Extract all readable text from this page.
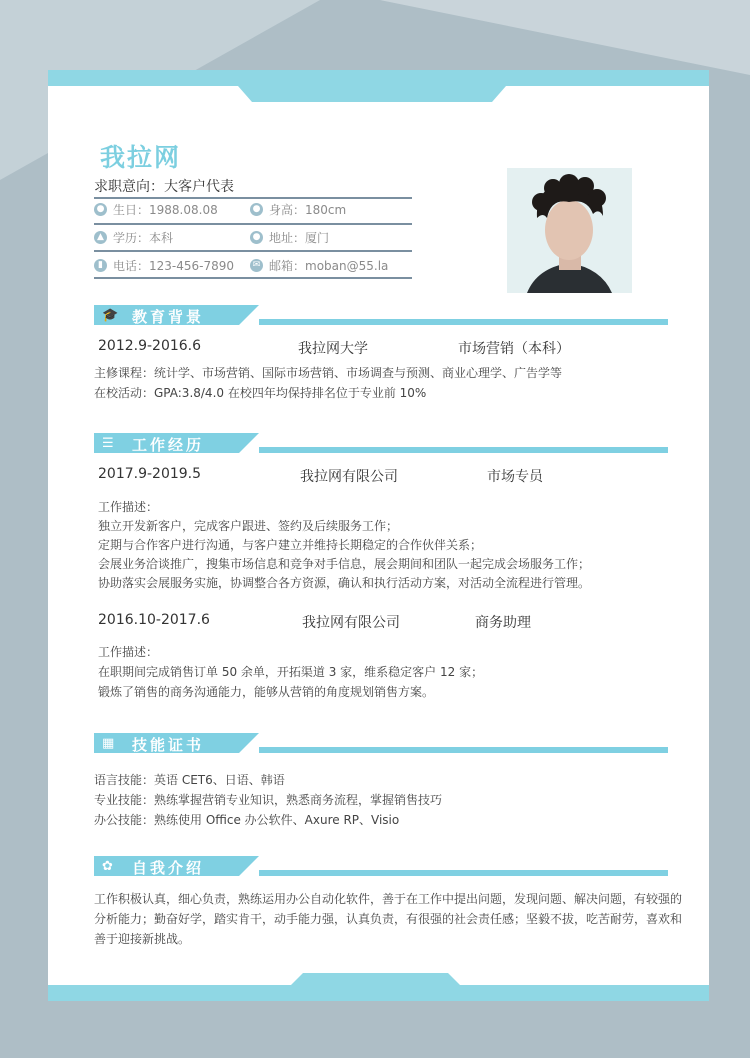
我拉网
求职意向：大客户代表
● 生日：1988.08.08	● 身高：180cm
▲ 学历：本科	● 地址：厦门
▮ 电话：123-456-7890	✉ 邮箱：moban@55.la
🎓 教育背景
2012.9-2016.6	我拉网大学	市场营销（本科）
主修课程：统计学、市场营销、国际市场营销、市场调查与预测、商业心理学、广告学等
在校活动：GPA:3.8/4.0 在校四年均保持排名位于专业前 10%
☰ 工作经历
2017.9-2019.5	我拉网有限公司	市场专员
工作描述：
独立开发新客户，完成客户跟进、签约及后续服务工作；
定期与合作客户进行沟通，与客户建立并维持长期稳定的合作伙伴关系；
会展业务洽谈推广，搜集市场信息和竞争对手信息，展会期间和团队一起完成会场服务工作；
协助落实会展服务实施，协调整合各方资源，确认和执行活动方案，对活动全流程进行管理。
2016.10-2017.6	我拉网有限公司	商务助理
工作描述：
在职期间完成销售订单 50 余单，开拓渠道 3 家，维系稳定客户 12 家；
锻炼了销售的商务沟通能力，能够从营销的角度规划销售方案。
▦ 技能证书
语言技能：英语 CET6、日语、韩语
专业技能：熟练掌握营销专业知识，熟悉商务流程，掌握销售技巧
办公技能：熟练使用 Office 办公软件、Axure RP、Visio
✿ 自我介绍
工作积极认真，细心负责，熟练运用办公自动化软件，善于在工作中提出问题，发现问题、解决问题，有较强的
分析能力；勤奋好学，踏实肯干，动手能力强，认真负责，有很强的社会责任感；坚毅不拔，吃苦耐劳，喜欢和
善于迎接新挑战。
